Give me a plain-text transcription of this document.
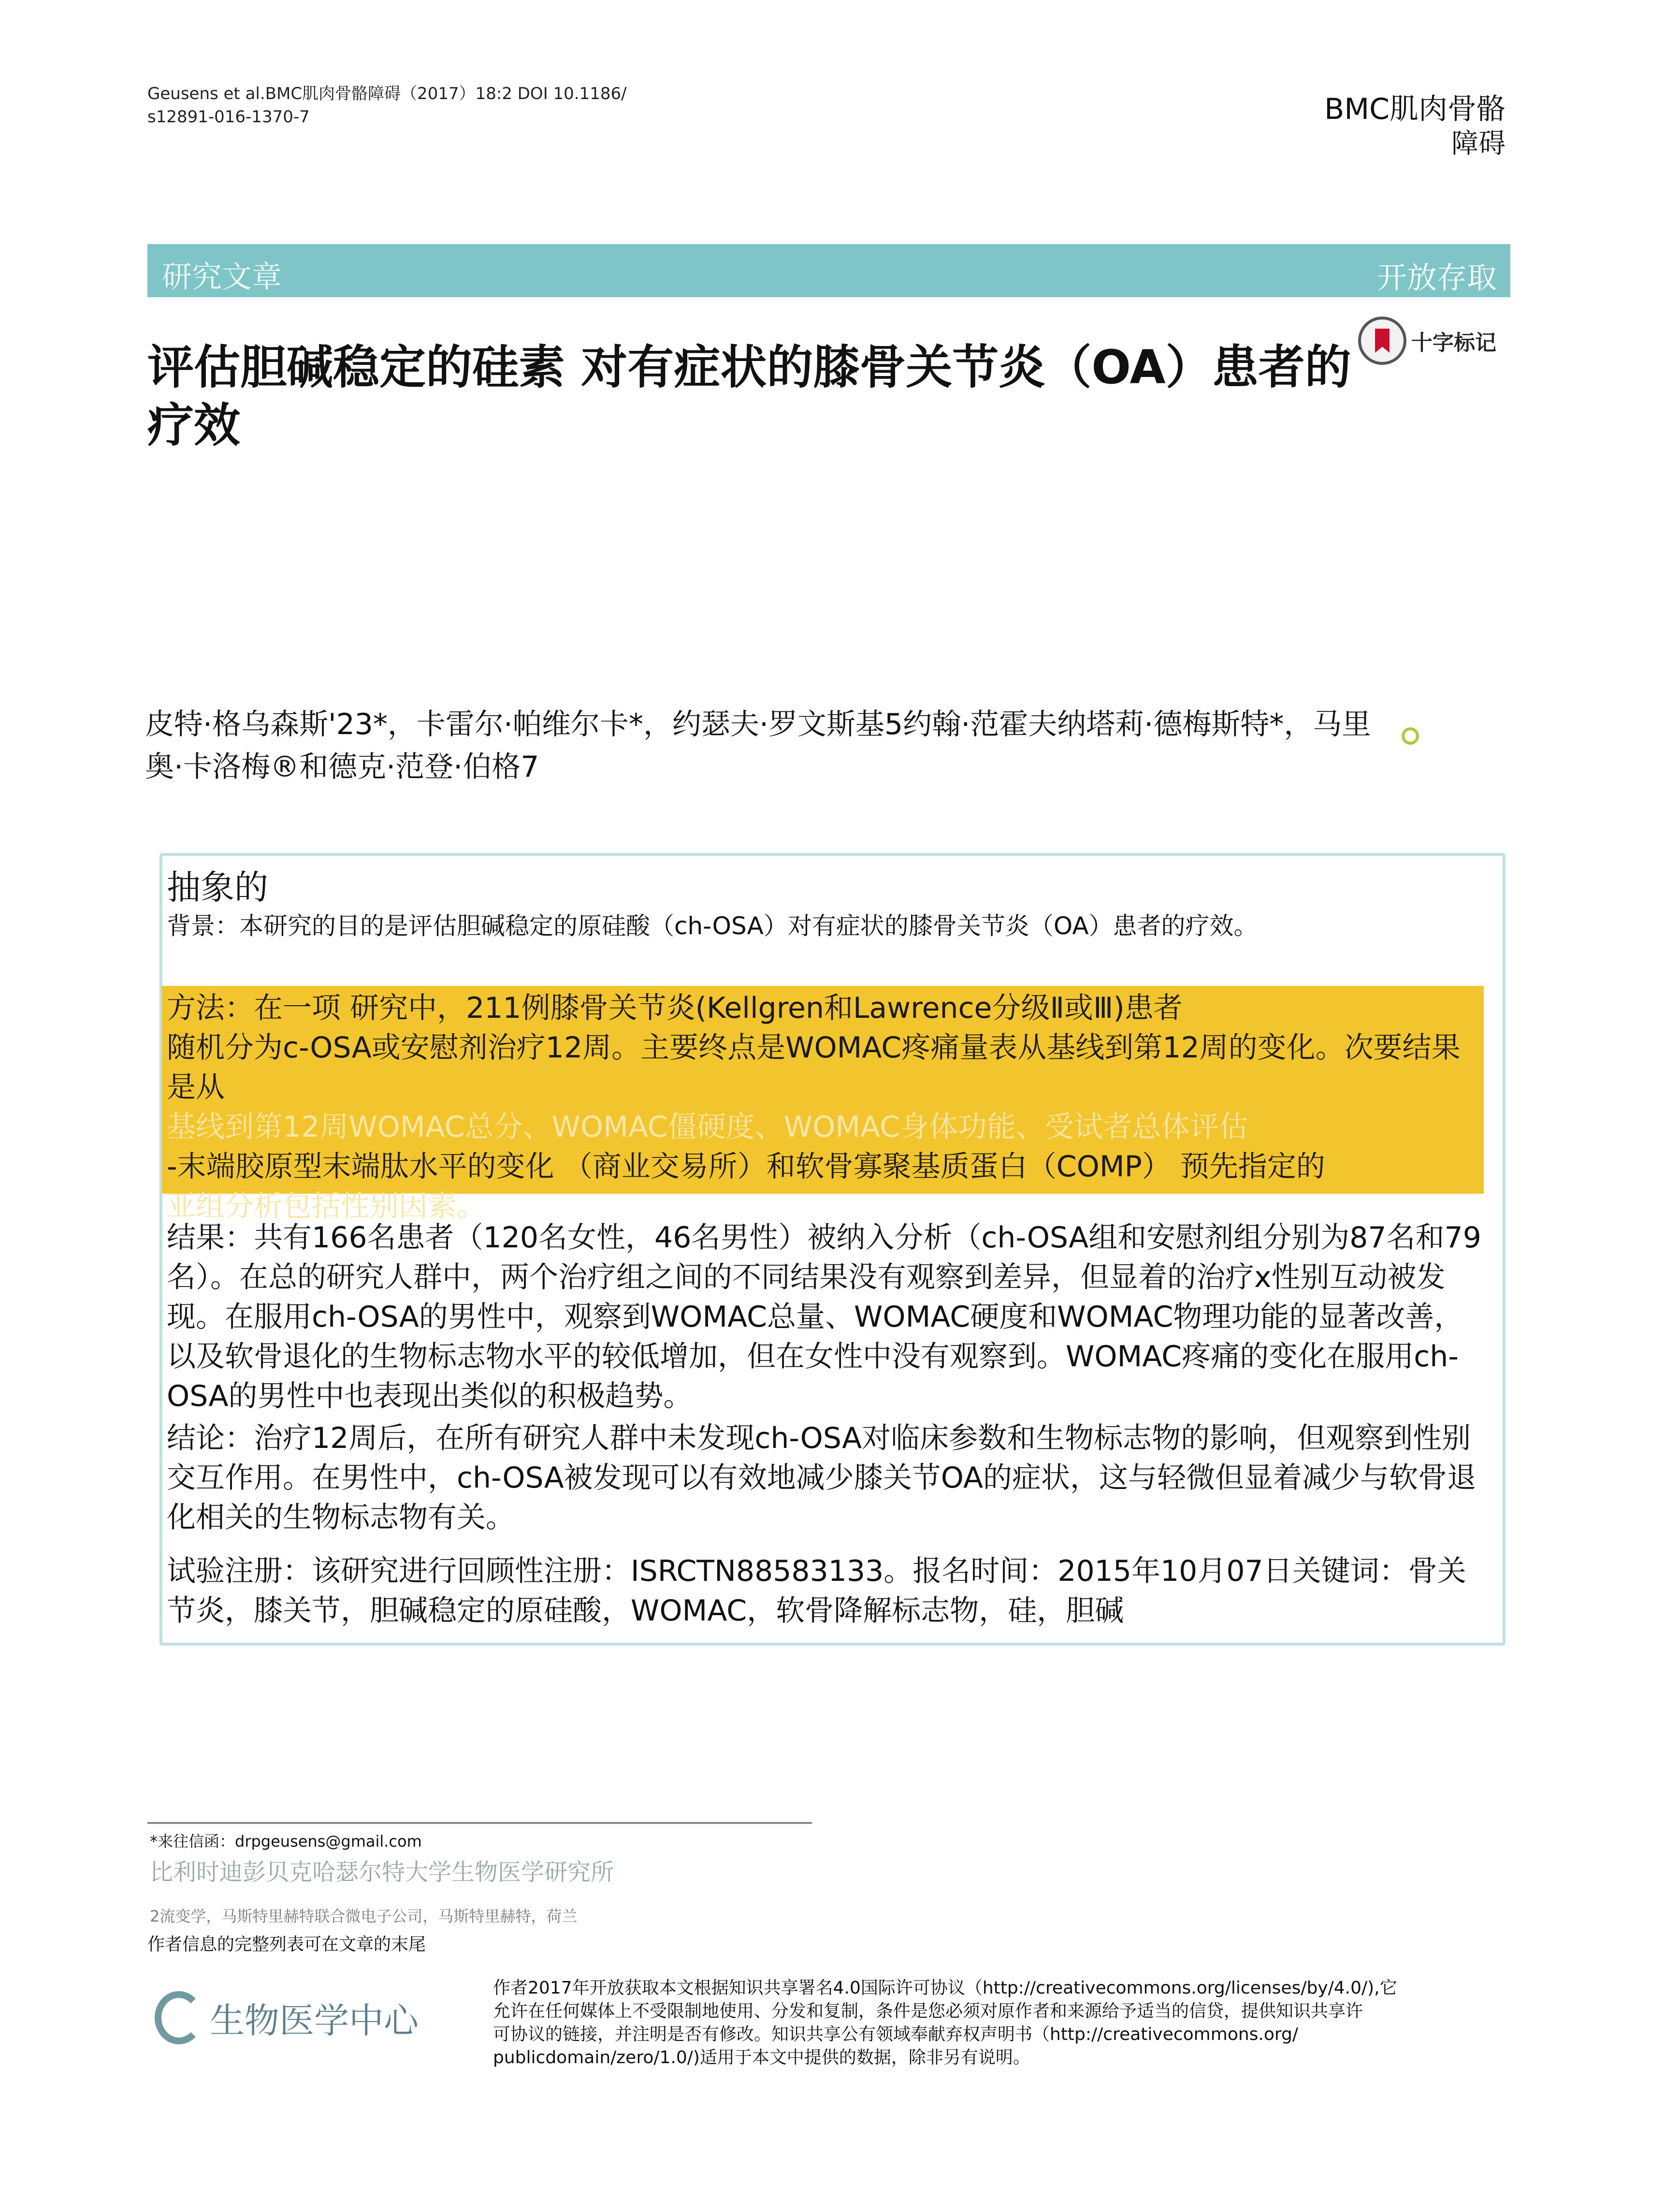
Geusens et al.BMC肌肉骨骼障碍（2017）18:2 DOI 10.1186/
s12891-016-1370-7	BMC肌肉骨骼
障碍
研究文章	开放存取
十字标记
评估胆碱稳定的硅素 对有症状的膝骨关节炎（OA）患者的疗效
皮特·格乌森斯'23*，卡雷尔·帕维尔卡*，约瑟夫·罗文斯基5约翰·范霍夫纳塔莉·德梅斯特*，马里奥·卡洛梅®和德克·范登·伯格7
抽象的
背景：本研究的目的是评估胆碱稳定的原硅酸（ch-OSA）对有症状的膝骨关节炎（OA）患者的疗效。
方法：在一项 研究中，211例膝骨关节炎(Kellgren和Lawrence分级Ⅱ或Ⅲ)患者
随机分为c-OSA或安慰剂治疗12周。主要终点是WOMAC疼痛量表从基线到第12周的变化。次要结果是从
基线到第12周WOMAC总分、WOMAC僵硬度、WOMAC身体功能、受试者总体评估
-末端胶原型末端肽水平的变化 （商业交易所）和软骨寡聚基质蛋白（COMP） 预先指定的
亚组分析包括性别因素。
结果：共有166名患者（120名女性，46名男性）被纳入分析（ch-OSA组和安慰剂组分别为87名和79名）。在总的研究人群中，两个治疗组之间的不同结果没有观察到差异，但显着的治疗x性别互动被发现。在服用ch-OSA的男性中，观察到WOMAC总量、WOMAC硬度和WOMAC物理功能的显著改善，以及软骨退化的生物标志物水平的较低增加，但在女性中没有观察到。WOMAC疼痛的变化在服用ch-OSA的男性中也表现出类似的积极趋势。
结论：治疗12周后，在所有研究人群中未发现ch-OSA对临床参数和生物标志物的影响，但观察到性别交互作用。在男性中，ch-OSA被发现可以有效地减少膝关节OA的症状，这与轻微但显着减少与软骨退化相关的生物标志物有关。
试验注册：该研究进行回顾性注册：ISRCTN88583133。报名时间：2015年10月07日关键词：骨关节炎，膝关节，胆碱稳定的原硅酸，WOMAC，软骨降解标志物，硅，胆碱
*来往信函：drpgeusens@gmail.com
比利时迪彭贝克哈瑟尔特大学生物医学研究所
2流变学，马斯特里赫特联合微电子公司，马斯特里赫特，荷兰
作者信息的完整列表可在文章的末尾
生物医学中心
作者2017年开放获取本文根据知识共享署名4.0国际许可协议（http://creativecommons.org/licenses/by/4.0/),它
允许在任何媒体上不受限制地使用、分发和复制，条件是您必须对原作者和来源给予适当的信贷，提供知识共享许
可协议的链接，并注明是否有修改。知识共享公有领域奉献弃权声明书（http://creativecommons.org/
publicdomain/zero/1.0/)适用于本文中提供的数据，除非另有说明。
